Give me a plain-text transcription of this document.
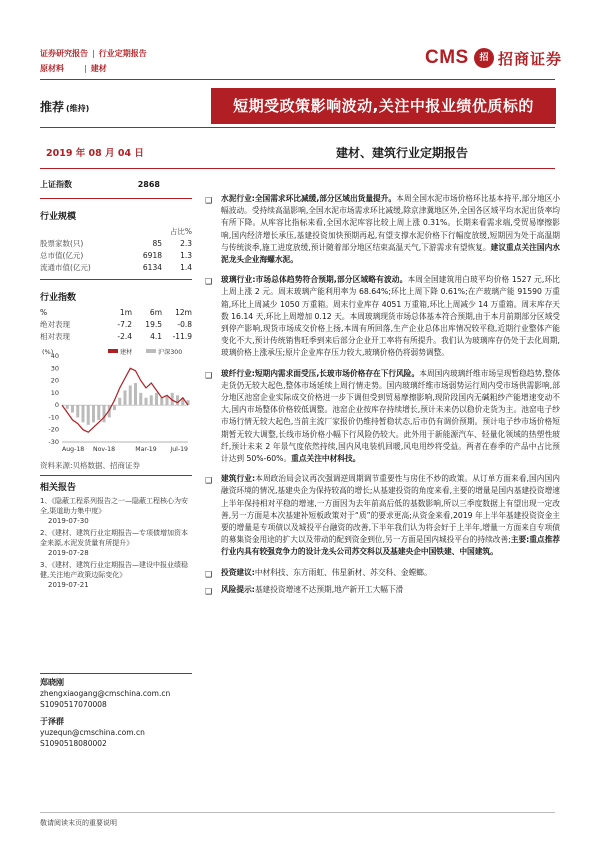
证券研究报告 | 行业定期报告
原材料	| 建材
CMS	招 招商证券
推荐 (维持)	短期受政策影响波动,关注中报业绩优质标的
2019 年 08 月 04 日	建材、建筑行业定期报告
上证指数	2868
行业规模
占比%
股票家数(只)	85	2.3
总市值(亿元)	6918	1.3
流通市值(亿元)	6134	1.4
行业指数
%	1m	6m	12m
绝对表现	-7.2	19.5	-0.8
相对表现	-2.4	4.1	-11.9
(%)
40
30
20
10
0
-10
-20
-30
Aug-18 Nov-18	Mar-19 Jul-19
建材	沪深300
资料来源:贝格数据、招商证券
相关报告
1、《隐蔽工程系列报告之一—隐蔽工程核心为安全,渠道助力集中度》
2019-07-30
2、《建材、建筑行业定期报告—专项债增加资本金来源,水泥发货量有所提升》
2019-07-28
3、《建材、建筑行业定期报告—建设中报业绩稳健,关注地产政策边际变化》
2019-07-21
郑晓刚
zhengxiaogang@cmschina.com.cn
S1090517070008
于泽群
yuzequn@cmschina.com.cn
S1090518080002
❑ 水泥行业:全国需求环比减缓,部分区域出货量提升。本周全国水泥市场价格环比基本持平,部分地区小幅波动。受持续高温影响,全国水泥市场需求环比减缓,除京津冀地区外,全国各区域平均水泥出货率均有所下降。从库容比指标来看,全国水泥库容比较上周上涨 0.31%。长期来看需求端,受贸易摩擦影响,国内经济增长承压,基建投资加快预期再起,有望支撑水泥价格下行幅度放缓,短期因为处于高温期与传统淡季,施工进度放缓,预计随着部分地区结束高温天气,下游需求有望恢复。建议重点关注国内水泥龙头企业海螺水泥。
❑ 玻璃行业:市场总体趋势符合预期,部分区域略有波动。本周全国建筑用白玻平均价格 1527 元,环比上周上涨 2 元。周末玻璃产能利用率为 68.64%;环比上周下降 0.61%;在产玻璃产能 91590 万重箱,环比上周减少 1050 万重箱。周末行业库存 4051 万重箱,环比上周减少 14 万重箱。周末库存天数 16.14 天,环比上周增加 0.12 天。本周玻璃现货市场总体基本符合预期,由于本月前期部分区域受到停产影响,现货市场成交价格上扬,本周有所回落,生产企业总体出库情况较平稳,近期行业整体产能变化不大,预计传统销售旺季到来后部分企业开工率将有所提升。我们认为玻璃库存仍处于去化周期,玻璃价格上涨承压;原片企业库存压力较大,玻璃价格仍将弱势调整。
❑ 玻纤行业:短期内需求面受压,长玻市场价格存在下行风险。本周国内玻璃纤维市场呈现暂稳趋势,整体走货仍无较大起色,整体市场延续上周行情走势。国内玻璃纤维市场弱势运行周内受市场供需影响,部分地区池窑企业实际成交价格进一步下调但受到贸易摩擦影响,现阶段国内无碱粗纱产能增速变动不大,国内市场整体价格较低调整。池窑企业按库存持续增长,预计未来仍以稳价走货为主。池窑电子纱市场行情无较大起色,当前主流厂家报价仍维持暂稳状态,后市仍有调价预期。预计电子纱市场价格短期暂无较大调整,长线市场价格小幅下行风险仍较大。此外用于新能源汽车、轻量化领域的热塑性玻纤,预计未来 2 年景气度依然持续,国内风电装机回暖,风电用纱将受益。两者在春季的产品中占比预计达到 50%-60%。重点关注中材科技。
❑ 建筑行业:本周政治局会议再次强调逆周期调节重要性与房住不炒的政策。从订单方面来看,国内国内融资环境的情况,基建央企为保持较高的增长;从基建投资的角度来看,主要的增量是国内基建投资增速上半年保持相对平稳的增速,一方面因为去年前高后低的基数影响,所以三季度数据上有望出现一定改善,另一方面是本次基建补短板政策对于“质”的要求更高;从资金来看,2019 年上半年基建投资资金主要的增量是专项债以及城投平台融资的改善,下半年我们认为将会好于上半年,增量一方面来自专项债的募集资金用途的扩大以及带动的配到资金到位,另一方面是国内城投平台的持续改善;主要:重点推荐行业内具有较强竞争力的设计龙头公司苏交科以及基建央企中国铁建、中国建筑。
❑ 投资建议:中材科技、东方雨虹、伟星新材、苏交科、金螳螂。
❑ 风险提示:基建投资增速不达预期,地产新开工大幅下滑
敬请阅读末页的重要说明
